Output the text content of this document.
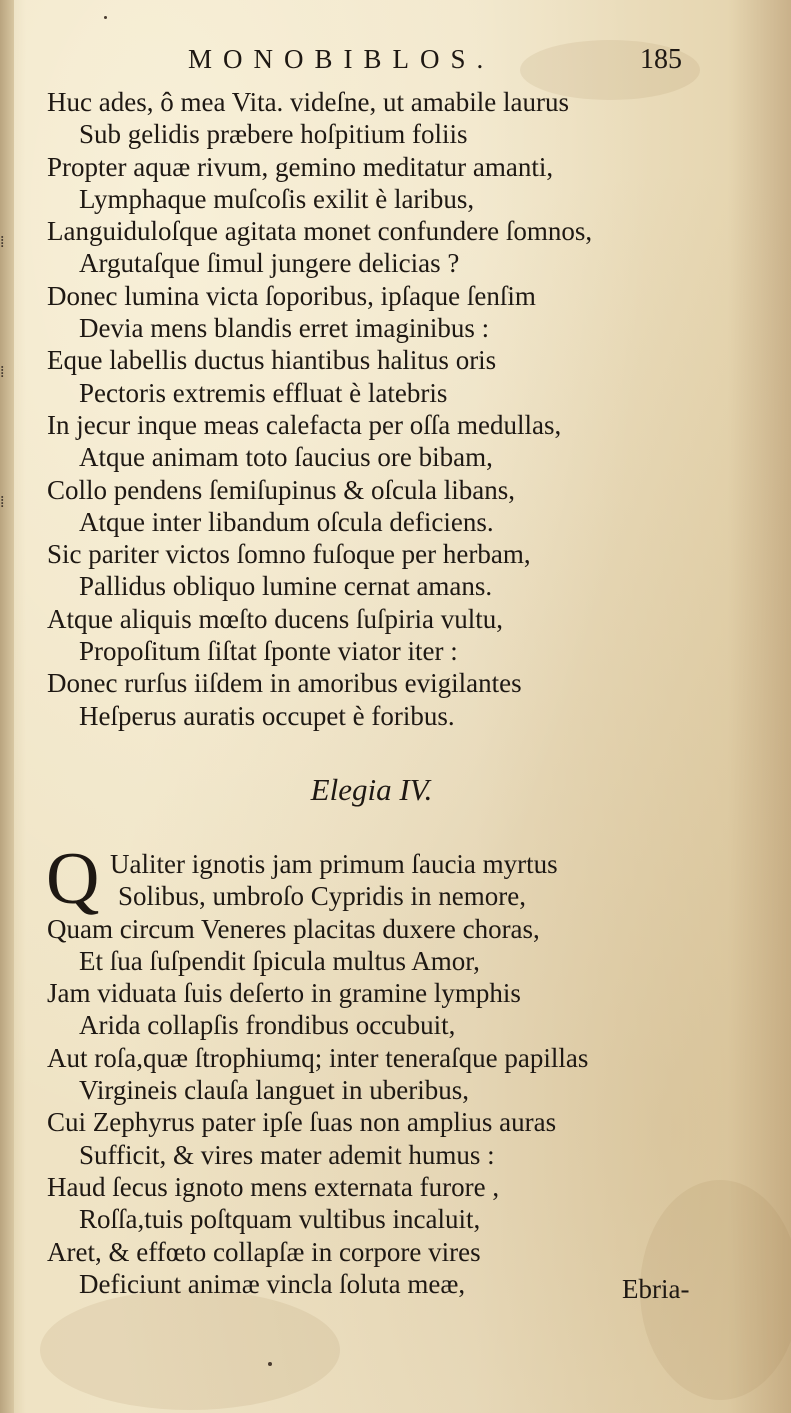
⁞
⁞
⁞
MONOBIBLOS.	185
Huc ades, ô mea Vita. videſne, ut amabile laurus
Sub gelidis præbere hoſpitium foliis
Propter aquæ rivum, gemino meditatur amanti,
Lymphaque muſcoſis exilit è laribus,
Languiduloſque agitata monet confundere ſomnos,
Argutaſque ſimul jungere delicias ?
Donec lumina victa ſoporibus, ipſaque ſenſim
Devia mens blandis erret imaginibus :
Eque labellis ductus hiantibus halitus oris
Pectoris extremis effluat è latebris
In jecur inque meas calefacta per oſſa medullas,
Atque animam toto ſaucius ore bibam,
Collo pendens ſemiſupinus & oſcula libans,
Atque inter libandum oſcula deficiens.
Sic pariter victos ſomno fuſoque per herbam,
Pallidus obliquo lumine cernat amans.
Atque aliquis mœſto ducens ſuſpiria vultu,
Propoſitum ſiſtat ſponte viator iter :
Donec rurſus iiſdem in amoribus evigilantes
Heſperus auratis occupet è foribus.
Elegia IV.
Q Ualiter ignotis jam primum ſaucia myrtus
Solibus, umbroſo Cypridis in nemore,
Quam circum Veneres placitas duxere choras,
Et ſua ſuſpendit ſpicula multus Amor,
Jam viduata ſuis deſerto in gramine lymphis
Arida collapſis frondibus occubuit,
Aut roſa,quæ ſtrophiumq; inter teneraſque papillas
Virgineis clauſa languet in uberibus,
Cui Zephyrus pater ipſe ſuas non amplius auras
Sufficit, & vires mater ademit humus :
Haud ſecus ignoto mens externata furore ,
Roſſa,tuis poſtquam vultibus incaluit,
Aret, & effœto collapſæ in corpore vires
Deficiunt animæ vincla ſoluta meæ,	Ebria-
